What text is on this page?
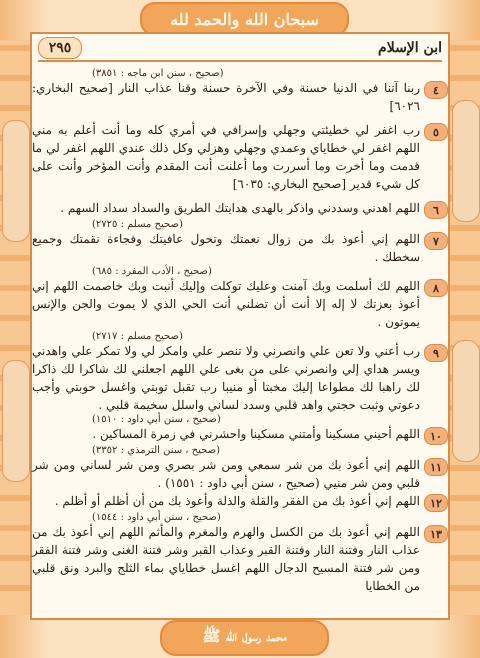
سبحان الله والحمد لله
ابن الإسلام
٢٩٥
(صحيح ، سنن ابن ماجه : ٣٨٥١)
٤
ربنا آتنا في الدنيا حسنة وفي الآخرة حسنة وقنا عذاب النار [صحيح البخاري: ٦٠٢٦]
٥
رب اغفر لي خطيئتي وجهلي وإسرافي في أمري كله وما أنت أعلم به مني اللهم اغفر لي خطاياي وعمدي وجهلي وهزلي وكل ذلك عندي اللهم اغفر لي ما قدمت وما أخرت وما أسررت وما أعلنت أنت المقدم وأنت المؤخر وأنت على كل شيء قدير [صحيح البخاري: ٦٠٣٥]
٦
اللهم اهدني وسددني واذكر بالهدى هدايتك الطريق والسداد سداد السهم .
(صحيح مسلم : ٢٧٢٥)
٧
اللهم إني أعوذ بك من زوال نعمتك وتحول عافيتك وفجاءة نقمتك وجميع سخطك .
(صحيح ، الأدب المفرد : ٦٨٥)
٨
اللهم لك أسلمت وبك آمنت وعليك توكلت وإليك أنبت وبك خاصمت اللهم إني أعوذ بعزتك لا إله إلا أنت أن تضلني أنت الحي الذي لا يموت والجن والإنس يموتون .
(صحيح مسلم : ٢٧١٧)
٩
رب أعني ولا تعن علي وانصرني ولا تنصر علي وامكر لي ولا تمكر علي واهدني ويسر هداي إلي وانصرني على من بغى علي اللهم اجعلني لك شاكرا لك ذاكرا لك راهبا لك مطواعا إليك مخبتا أو منيبا رب تقبل توبتي واغسل حوبتي وأجب دعوتي وثبت حجتي واهد قلبي وسدد لساني واسلل سخيمة قلبي .
(صحيح ، سنن أبي داود : ١٥١٠)
١٠
اللهم أحيني مسكينا وأمتني مسكينا واحشرني في زمرة المساكين .
(صحيح ، سنن الترمذي : ٣٣٥٢)
١١
اللهم إني أعوذ بك من شر سمعي ومن شر بصري ومن شر لساني ومن شر قلبي ومن شر منيي (صحيح ، سنن أبي داود : ١٥٥١) .
١٢
اللهم إني أعوذ بك من الفقر والقلة والذلة وأعوذ بك من أن أظلم أو أظلم .
(صحيح ، سنن أبي داود : ١٥٤٤)
١٣
اللهم إني أعوذ بك من الكسل والهرم والمغرم والمأثم اللهم إني أعوذ بك من عذاب النار وفتنة النار وفتنة القبر وعذاب القبر وشر فتنة الغنى وشر فتنة الفقر ومن شر فتنة المسيح الدجال اللهم اغسل خطاياي بماء الثلج والبرد ونق قلبي من الخطايا
محمد رسول الله ﷺ
